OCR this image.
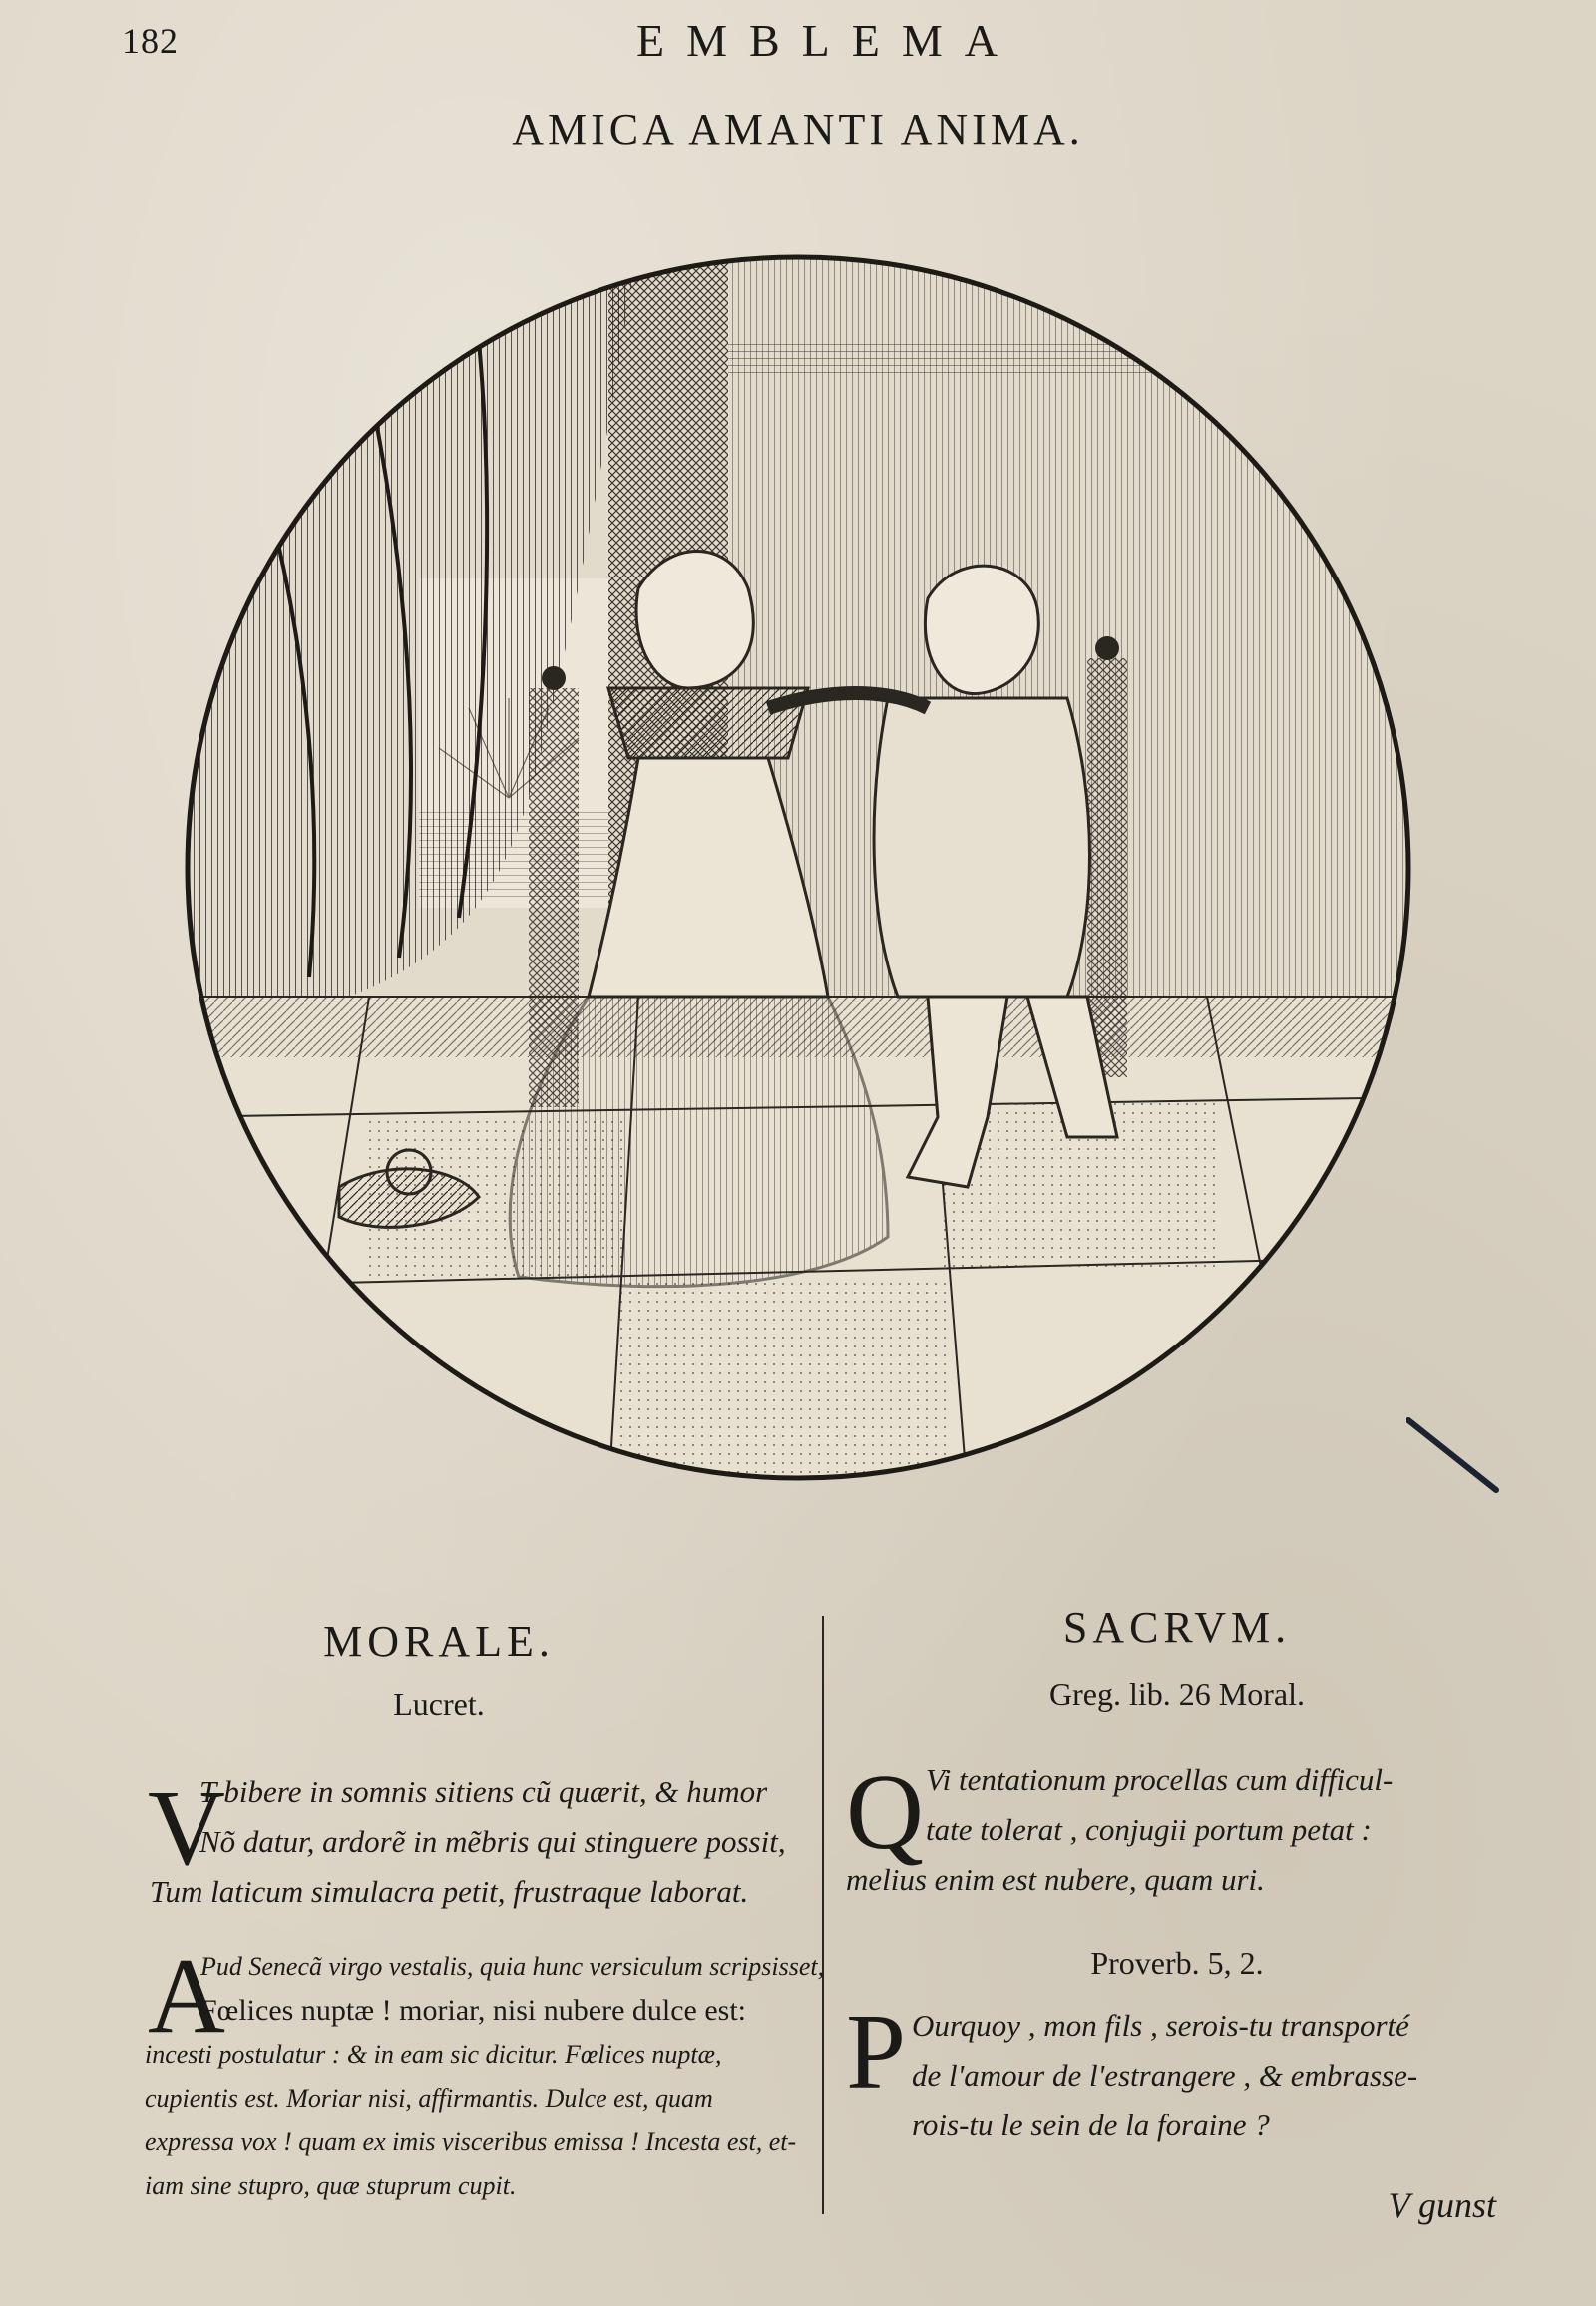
182	EMBLEMA
AMICA AMANTI ANIMA.
MORALE.
Lucret.
V
T bibere in somnis sitiens cũ quærit, & humor
Nõ datur, ardorẽ in mẽbris qui stinguere possit,
Tum laticum simulacra petit, frustraque laborat.
A
Pud Senecã virgo vestalis, quia hunc versiculum scripsisset,
Fœlices nuptæ ! moriar, nisi nubere dulce est:
incesti postulatur : & in eam sic dicitur. Fœlices nuptæ,
cupientis est. Moriar nisi, affirmantis. Dulce est, quam
expressa vox ! quam ex imis visceribus emissa ! Incesta est, et-
iam sine stupro, quæ stuprum cupit.
SACRVM.
Greg. lib. 26 Moral.
Q Vi tentationum procellas cum difficul-
tate tolerat , conjugii portum petat :
melius enim est nubere, quam uri.
Proverb. 5, 2.
P Ourquoy , mon fils , serois-tu transporté
de l'amour de l'estrangere , & embrasse-
rois-tu le sein de la foraine ?
V gunst
